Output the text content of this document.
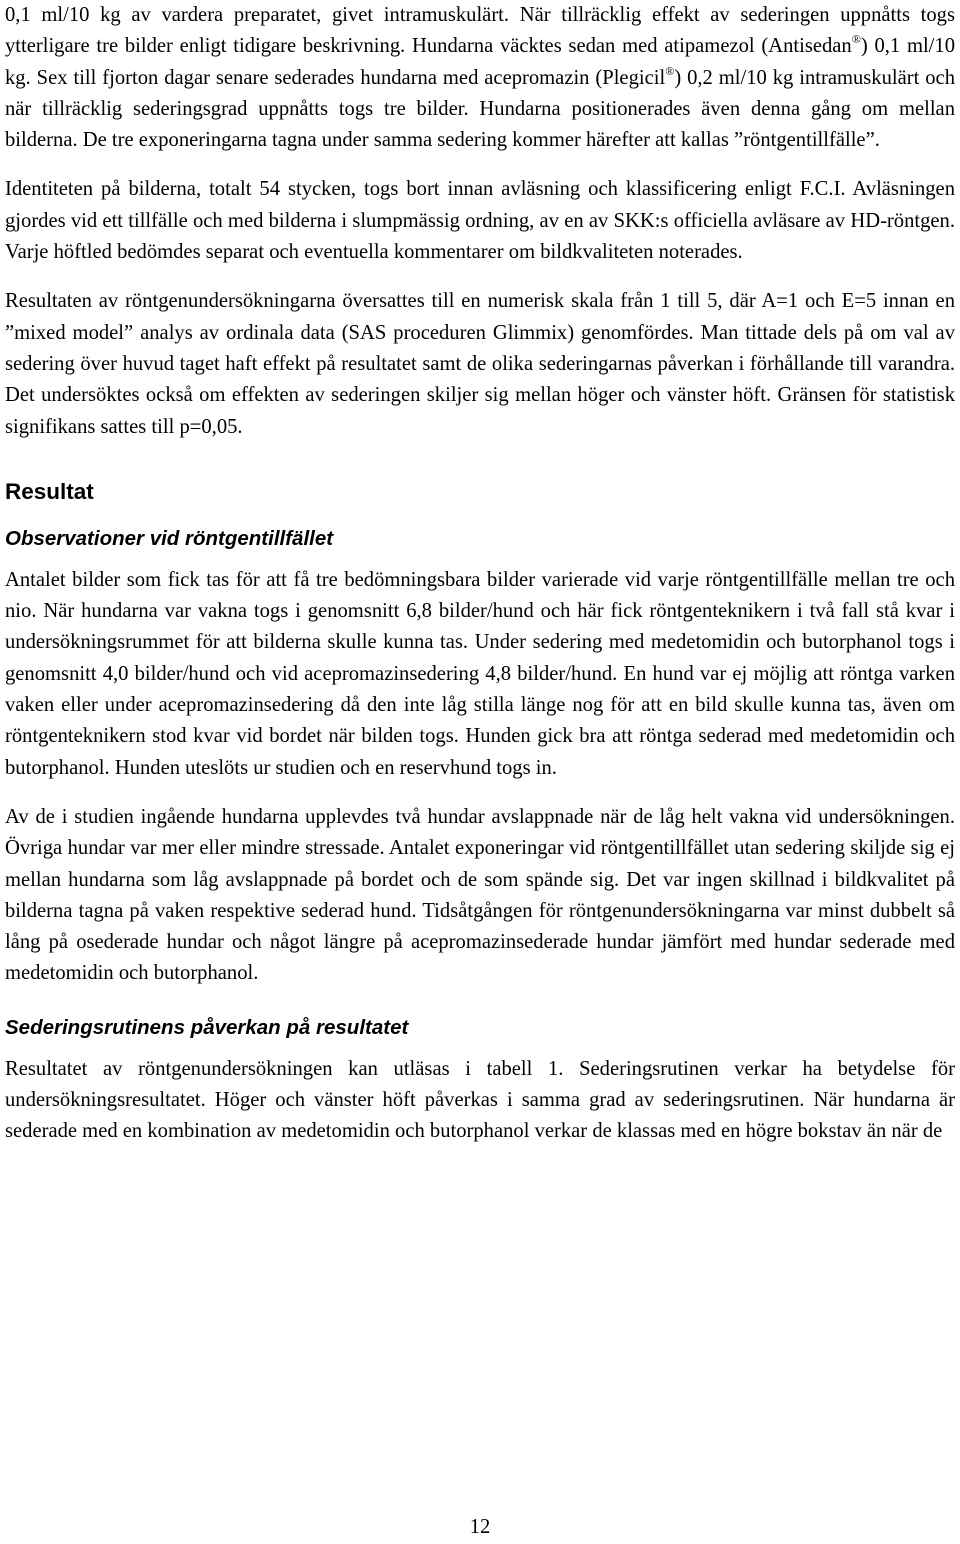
0,1 ml/10 kg av vardera preparatet, givet intramuskulärt. När tillräcklig effekt av sederingen uppnåtts togs ytterligare tre bilder enligt tidigare beskrivning. Hundarna väcktes sedan med atipamezol (Antisedan®) 0,1 ml/10 kg. Sex till fjorton dagar senare sederades hundarna med acepromazin (Plegicil®) 0,2 ml/10 kg intramuskulärt och när tillräcklig sederingsgrad uppnåtts togs tre bilder. Hundarna positionerades även denna gång om mellan bilderna. De tre exponeringarna tagna under samma sedering kommer härefter att kallas ”röntgentillfälle”.

Identiteten på bilderna, totalt 54 stycken, togs bort innan avläsning och klassificering enligt F.C.I. Avläsningen gjordes vid ett tillfälle och med bilderna i slumpmässig ordning, av en av SKK:s officiella avläsare av HD-röntgen. Varje höftled bedömdes separat och eventuella kommentarer om bildkvaliteten noterades.

Resultaten av röntgenundersökningarna översattes till en numerisk skala från 1 till 5, där A=1 och E=5 innan en ”mixed model” analys av ordinala data (SAS proceduren Glimmix) genomfördes. Man tittade dels på om val av sedering över huvud taget haft effekt på resultatet samt de olika sederingarnas påverkan i förhållande till varandra. Det undersöktes också om effekten av sederingen skiljer sig mellan höger och vänster höft. Gränsen för statistisk signifikans sattes till p=0,05.

Resultat
Observationer vid röntgentillfället

Antalet bilder som fick tas för att få tre bedömningsbara bilder varierade vid varje röntgentillfälle mellan tre och nio. När hundarna var vakna togs i genomsnitt 6,8 bilder/hund och här fick röntgenteknikern i två fall stå kvar i undersökningsrummet för att bilderna skulle kunna tas. Under sedering med medetomidin och butorphanol togs i genomsnitt 4,0 bilder/hund och vid acepromazinsedering 4,8 bilder/hund. En hund var ej möjlig att röntga varken vaken eller under acepromazinsedering då den inte låg stilla länge nog för att en bild skulle kunna tas, även om röntgenteknikern stod kvar vid bordet när bilden togs. Hunden gick bra att röntga sederad med medetomidin och butorphanol. Hunden uteslöts ur studien och en reservhund togs in.

Av de i studien ingående hundarna upplevdes två hundar avslappnade när de låg helt vakna vid undersökningen. Övriga hundar var mer eller mindre stressade. Antalet exponeringar vid röntgentillfället utan sedering skiljde sig ej mellan hundarna som låg avslappnade på bordet och de som spände sig. Det var ingen skillnad i bildkvalitet på bilderna tagna på vaken respektive sederad hund. Tidsåtgången för röntgenundersökningarna var minst dubbelt så lång på osederade hundar och något längre på acepromazinsederade hundar jämfört med hundar sederade med medetomidin och butorphanol.

Sederingsrutinens påverkan på resultatet

Resultatet av röntgenundersökningen kan utläsas i tabell 1. Sederingsrutinen verkar ha betydelse för undersökningsresultatet. Höger och vänster höft påverkas i samma grad av sederingsrutinen. När hundarna är sederade med en kombination av medetomidin och butorphanol verkar de klassas med en högre bokstav än när de

12
